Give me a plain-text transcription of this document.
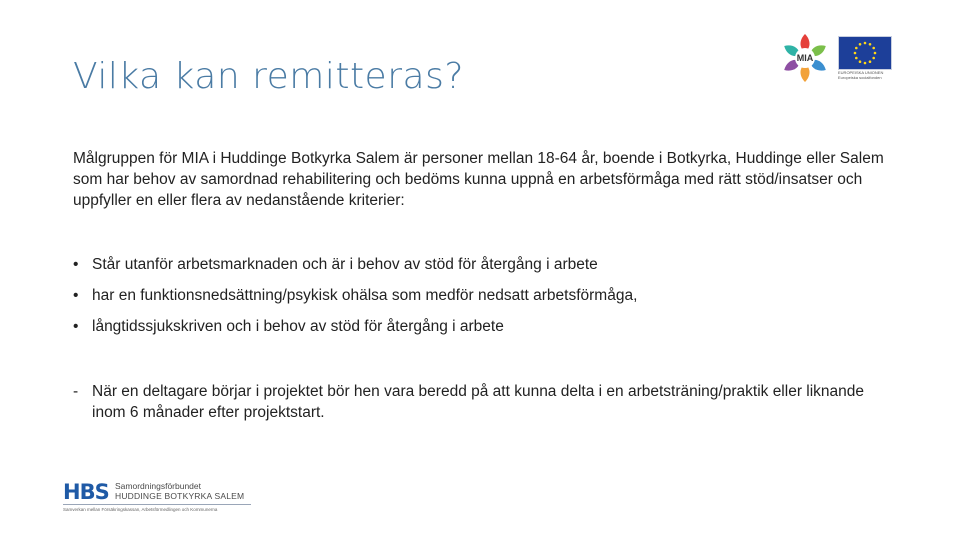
Vilka kan remitteras?	MIA
EUROPEISKA UNIONEN
Europeiska socialfonden

Målgruppen för MIA i Huddinge Botkyrka Salem är personer mellan 18-64 år, boende i Botkyrka, Huddinge eller Salem som har behov av samordnad rehabilitering och bedöms kunna uppnå en arbetsförmåga med rätt stöd/insatser och uppfyller en eller flera av nedanstående kriterier:

• Står utanför arbetsmarknaden och är i behov av stöd för återgång i arbete
• har en funktionsnedsättning/psykisk ohälsa som medför nedsatt arbetsförmåga,
• långtidssjukskriven och i behov av stöd för återgång i arbete

- När en deltagare börjar i projektet bör hen vara beredd på att kunna delta i en arbetsträning/praktik eller liknande inom 6 månader efter projektstart.

HBS Samordningsförbundet
HUDDINGE BOTKYRKA SALEM
Samverkan mellan Försäkringskassan, Arbetsförmedlingen och Kommunerna
